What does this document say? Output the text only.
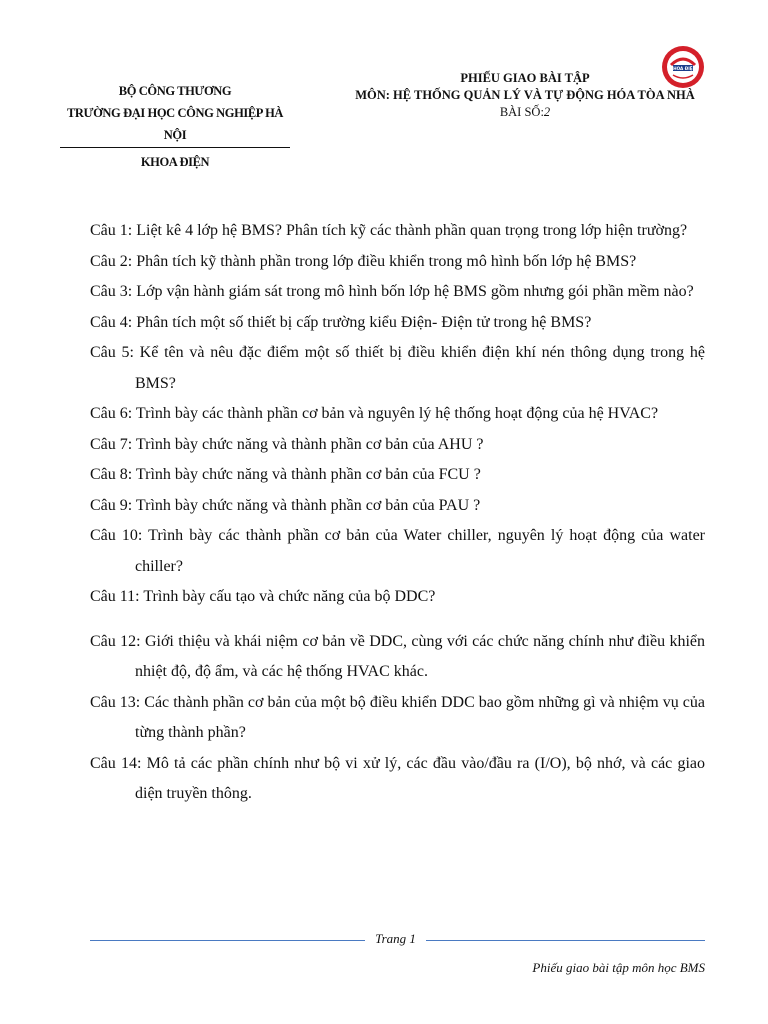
BỘ CÔNG THƯƠNG
TRƯỜNG ĐẠI HỌC CÔNG NGHIỆP HÀ NỘI
KHOA ĐIỆN
PHIẾU GIAO BÀI TẬP
MÔN: HỆ THỐNG QUẢN LÝ VÀ TỰ ĐỘNG HÓA TÒA NHÀ
BÀI SỐ:2
KHOA ĐIỆN

Câu 1: Liệt kê 4 lớp hệ BMS? Phân tích kỹ các thành phần quan trọng trong lớp hiện trường?

Câu 2: Phân tích kỹ thành phần trong lớp điều khiển trong mô hình bốn lớp hệ BMS?

Câu 3: Lớp vận hành giám sát trong mô hình bốn lớp hệ BMS gồm nhưng gói phần mềm nào?

Câu 4: Phân tích một số thiết bị cấp trường kiểu Điện- Điện tử trong hệ BMS?

Câu 5: Kể tên và nêu đặc điểm một số thiết bị điều khiển điện khí nén thông dụng trong hệ BMS?

Câu 6: Trình bày các thành phần cơ bản và nguyên lý hệ thống hoạt động của hệ HVAC?

Câu 7: Trình bày chức năng và thành phần cơ bản của AHU ?

Câu 8: Trình bày chức năng và thành phần cơ bản của FCU ?

Câu 9: Trình bày chức năng và thành phần cơ bản của PAU ?

Câu 10: Trình bày các thành phần cơ bản của Water chiller, nguyên lý hoạt động của water chiller?

Câu 11: Trình bày cấu tạo và chức năng của bộ DDC?

Câu 12: Giới thiệu và khái niệm cơ bản về DDC, cùng với các chức năng chính như điều khiển nhiệt độ, độ ẩm, và các hệ thống HVAC khác.

Câu 13: Các thành phần cơ bản của một bộ điều khiển DDC bao gồm những gì và nhiệm vụ của từng thành phần?

Câu 14: Mô tả các phần chính như bộ vi xử lý, các đầu vào/đầu ra (I/O), bộ nhớ, và các giao diện truyền thông.

Trang 1
Phiếu giao bài tập môn học BMS
